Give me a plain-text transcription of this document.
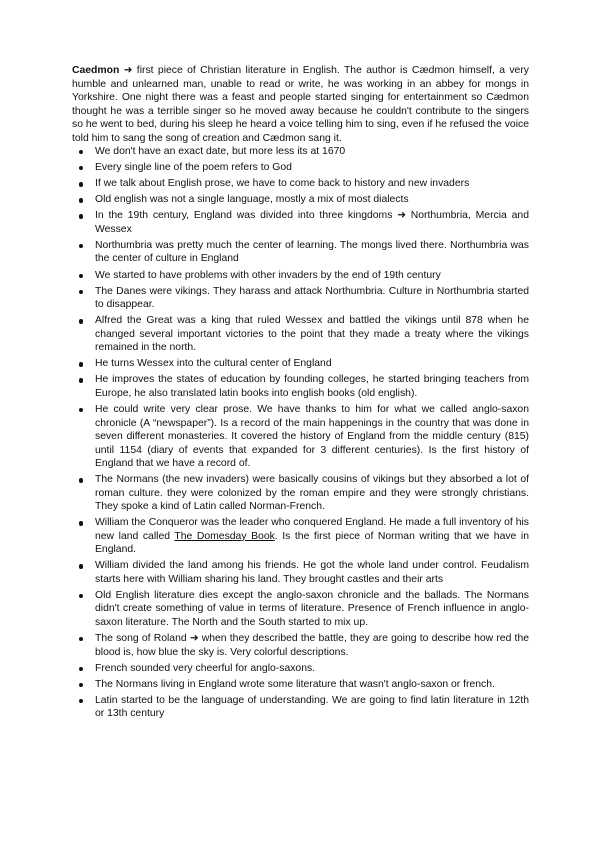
Caedmon ➜ first piece of Christian literature in English. The author is Cædmon himself, a very humble and unlearned man, unable to read or write, he was working in an abbey for mongs in Yorkshire. One night there was a feast and people started singing for entertainment so Cædmon thought he was a terrible singer so he moved away because he couldn't contribute to the singers so he went to bed, during his sleep he heard a voice telling him to sing, even if he refused the voice told him to sang the song of creation and Cædmon sang it.

We don't have an exact date, but more less its at 1670
Every single line of the poem refers to God
If we talk about English prose, we have to come back to history and new invaders
Old english was not a single language, mostly a mix of most dialects
In the 19th century, England was divided into three kingdoms ➜ Northumbria, Mercia and Wessex
Northumbria was pretty much the center of learning. The mongs lived there. Northumbria was the center of culture in England
We started to have problems with other invaders by the end of 19th century
The Danes were vikings. They harass and attack Northumbria. Culture in Northumbria started to disappear.
Alfred the Great was a king that ruled Wessex and battled the vikings until 878 when he changed several important victories to the point that they made a treaty where the vikings remained in the north.
He turns Wessex into the cultural center of England
He improves the states of education by founding colleges, he started bringing teachers from Europe, he also translated latin books into english books (old english).
He could write very clear prose. We have thanks to him for what we called anglo-saxon chronicle (A “newspaper”). Is a record of the main happenings in the country that was done in seven different monasteries. It covered the history of England from the middle century (815) until 1154 (diary of events that expanded for 3 different centuries). Is the first history of England that we have a record of.
The Normans (the new invaders) were basically cousins of vikings but they absorbed a lot of roman culture. they were colonized by the roman empire and they were strongly christians. They spoke a kind of Latin called Norman-French.
William the Conqueror was the leader who conquered England. He made a full inventory of his new land called The Domesday Book. Is the first piece of Norman writing that we have in England.
William divided the land among his friends. He got the whole land under control. Feudalism starts here with William sharing his land. They brought castles and their arts
Old English literature dies except the anglo-saxon chronicle and the ballads. The Normans didn't create something of value in terms of literature. Presence of French influence in anglo-saxon literature. The North and the South started to mix up.
The song of Roland ➜ when they described the battle, they are going to describe how red the blood is, how blue the sky is. Very colorful descriptions.
French sounded very cheerful for anglo-saxons.
The Normans living in England wrote some literature that wasn't anglo-saxon or french.
Latin started to be the language of understanding. We are going to find latin literature in 12th or 13th century
